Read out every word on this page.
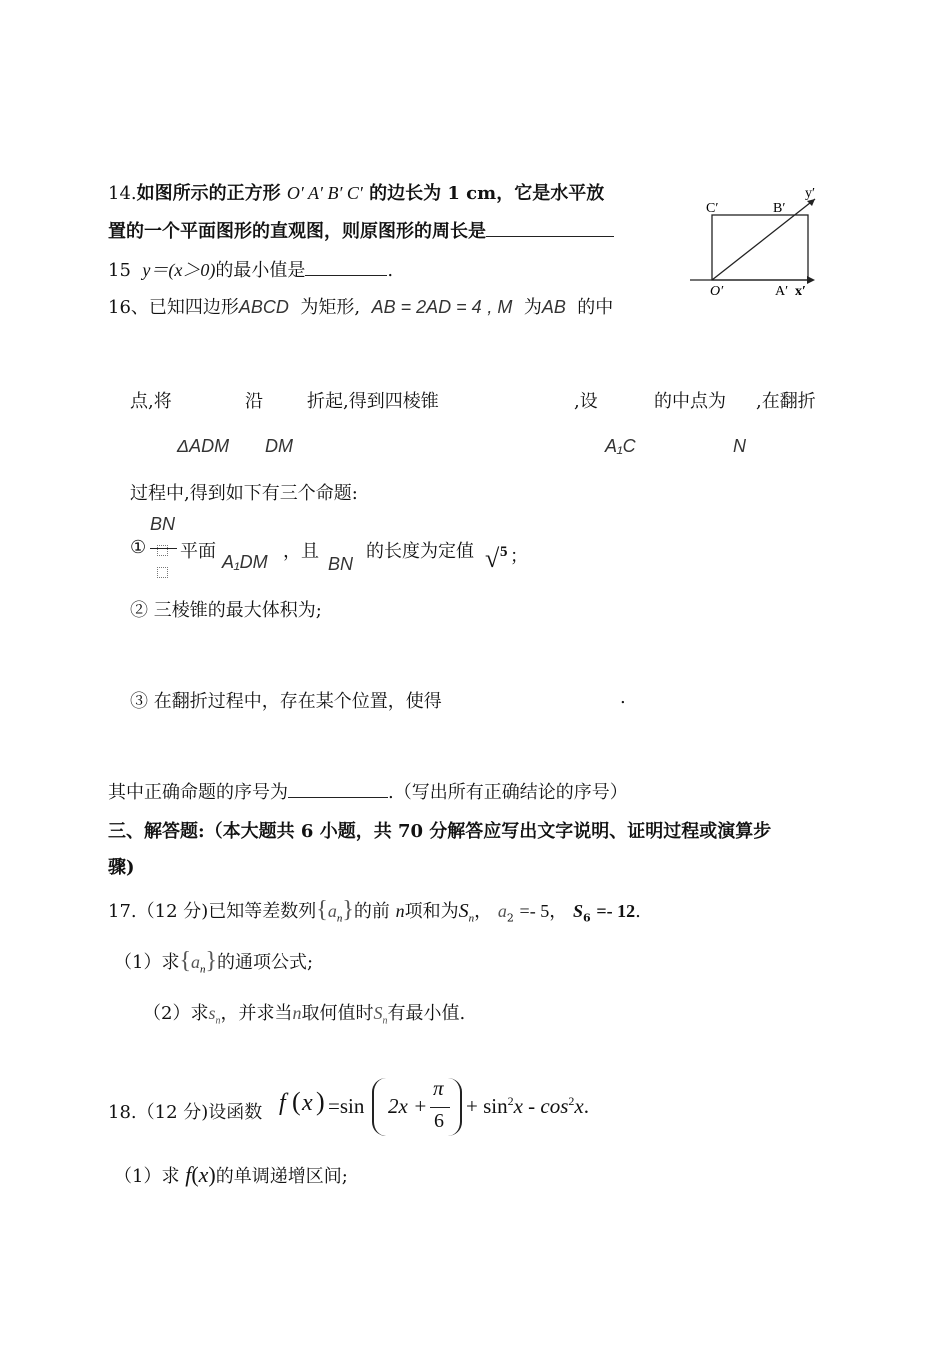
14.如图所示的正方形 O′ A′ B′ C′ 的边长为 1 cm，它是水平放
置的一个平面图形的直观图，则原图形的周长是
C′	B′
y′
O′	A′ x′
15 y＝(x＞0)的最小值是	.
16、已知四边形ABCD 为矩形, AB = 2AD = 4 , M 为AB 的中
点,将	沿 折起,得到四棱锥	,设	的中点为 ,在翻折
ΔADM DM	A₁C	N
过程中,得到如下有三个命题:
BN
① 平面 A₁DM ，且
BN
的长度为定值 √ 5 ；
② 三棱锥的最大体积为;
③ 在翻折过程中，存在某个位置，使得	.
其中正确命题的序号为	.（写出所有正确结论的序号）
三、解答题:（本大题共 6 小题，共 70 分解答应写出文字说明、证明过程或演算步
骤)
17.（12 分)已知等差数列$\{a_n\}$的前 n项和为$S_n$， $a_2 =- 5$， $S_6 =- 12$.
（1）求$\{a_n\}$的通项公式;
（2）求$s_n$，并求当n取何值时$S_n$有最小值.
18.（12 分)设函数 f ( x ) =sin 2x +
π
6
+ $\sin^2x - \cos^2x$.
（1）求 f(x)的单调递增区间;
